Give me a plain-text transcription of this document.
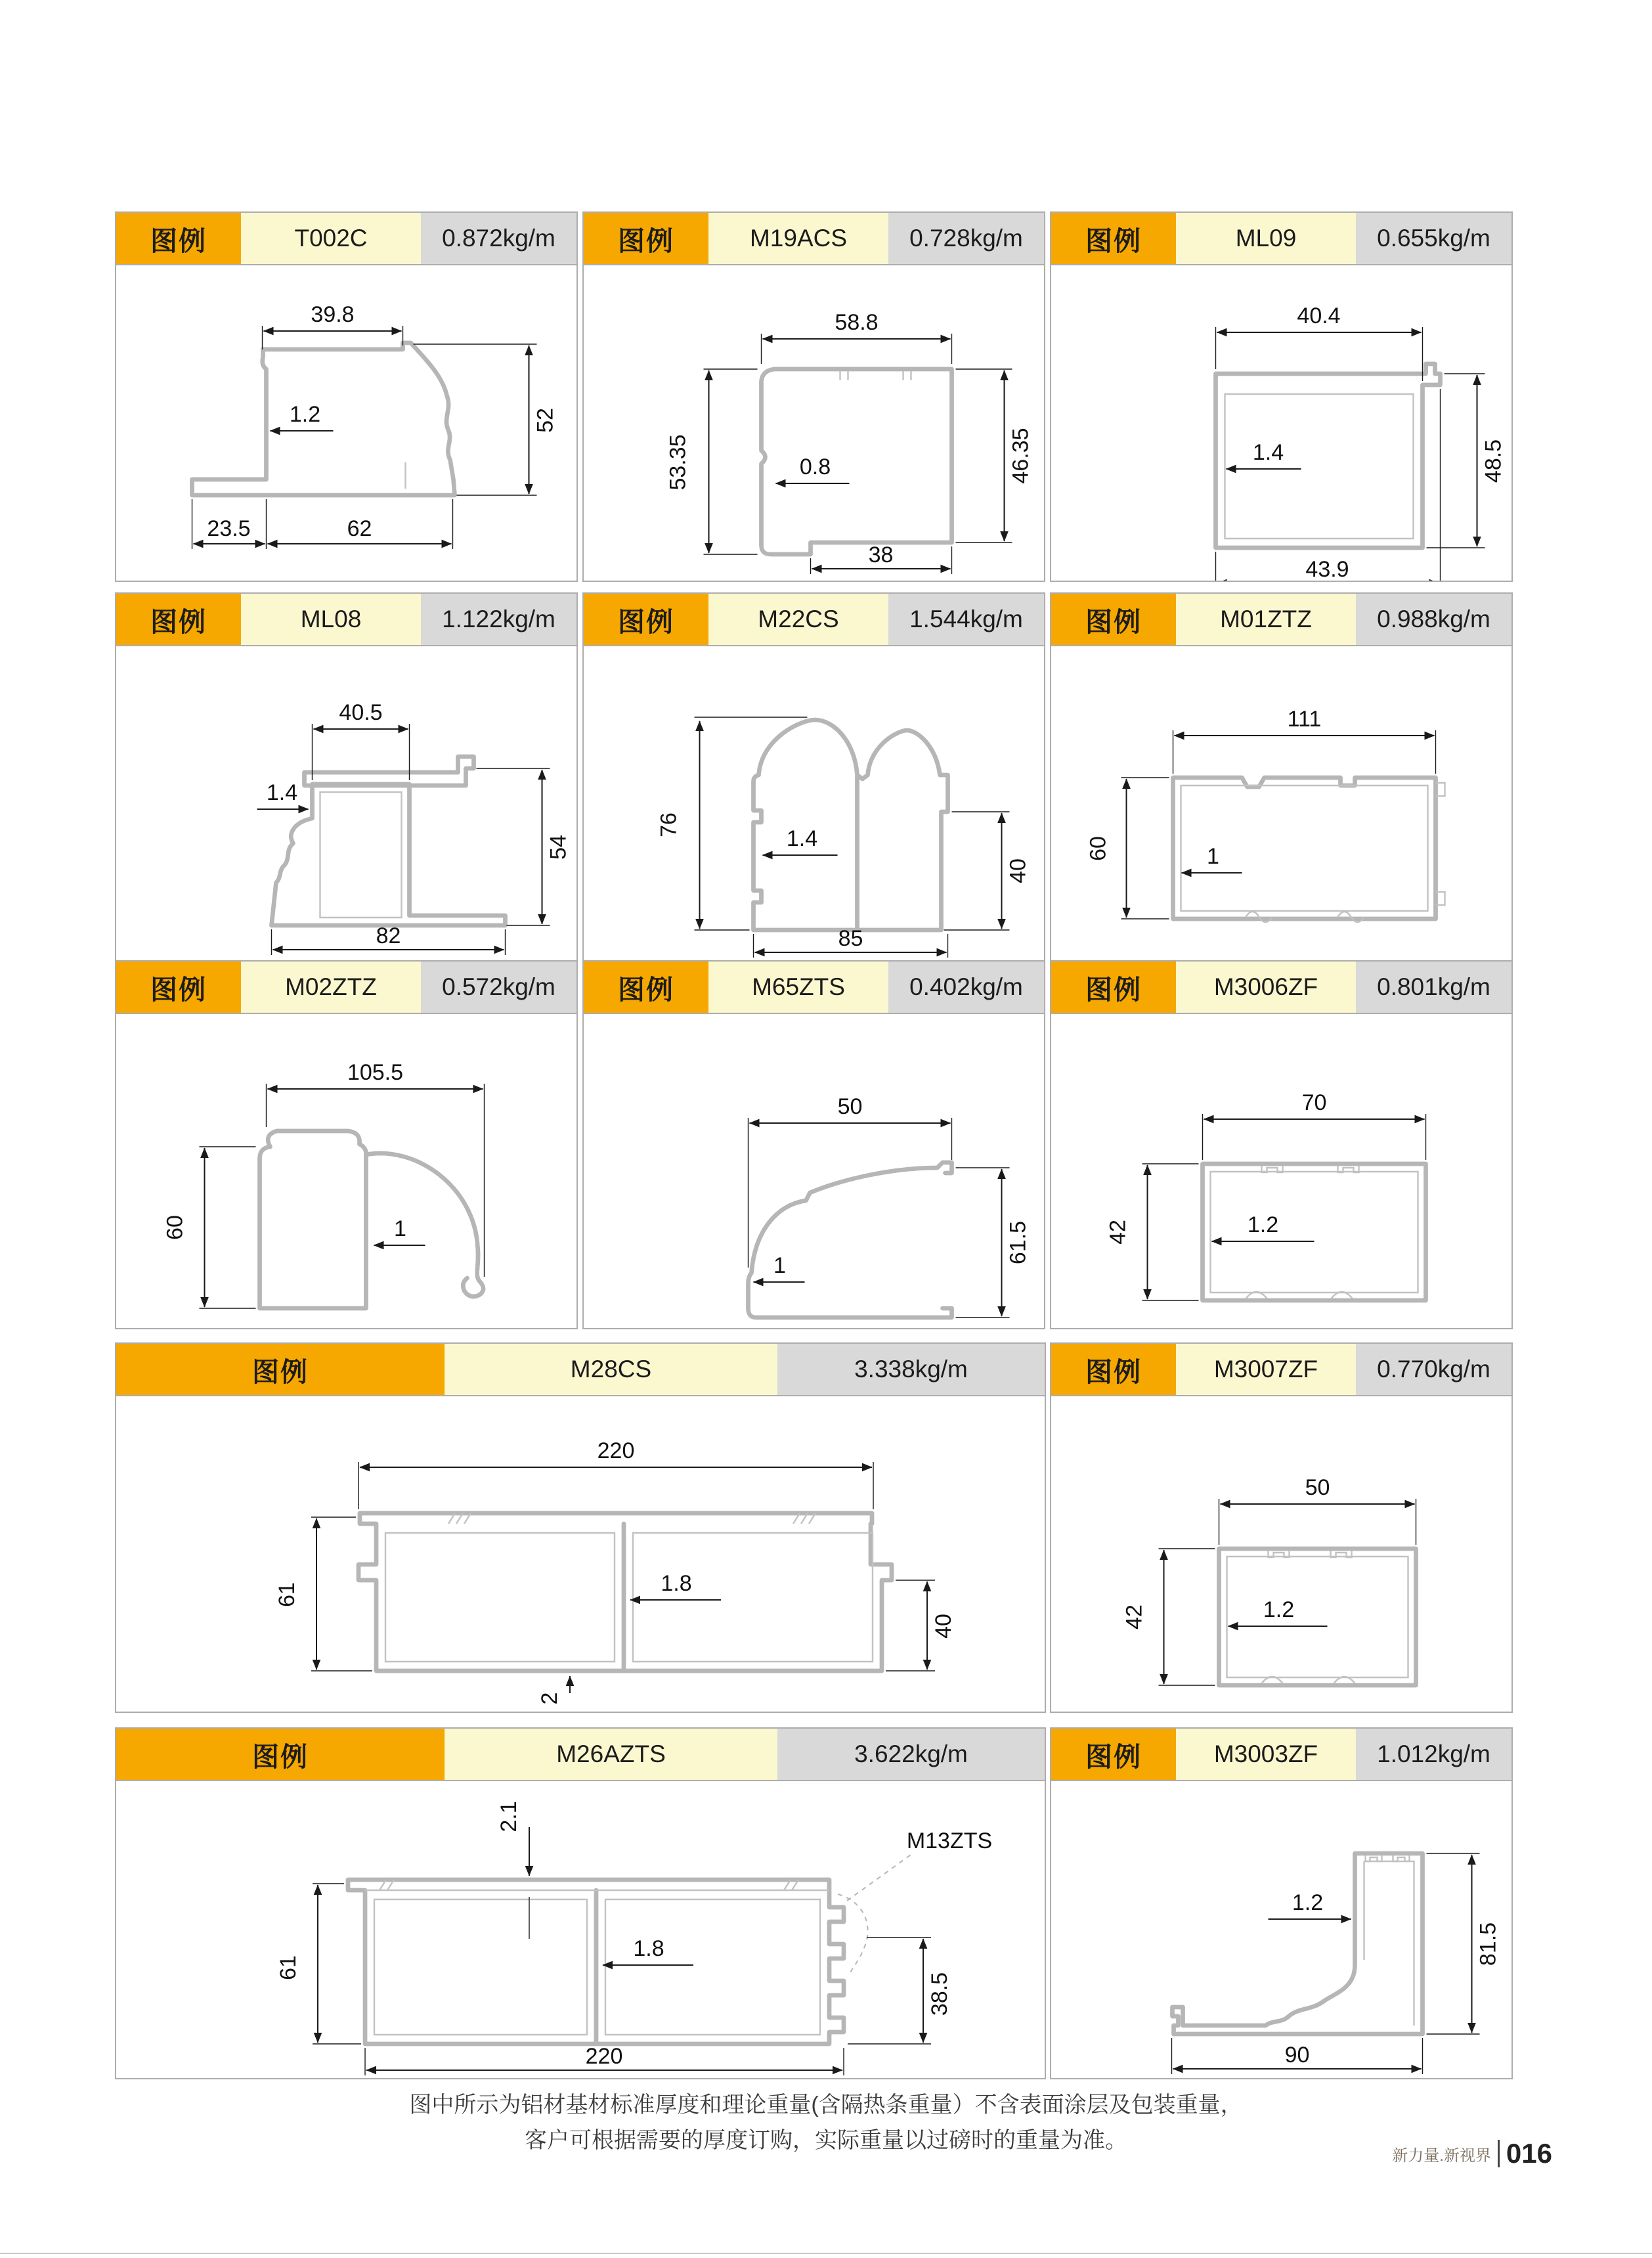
图例	T002C	0.872kg/m
39.8
52
1.2
23.5	62
图例	M19ACS	0.728kg/m
58.8
53.35	46.35
0.8
38
图例	ML09	0.655kg/m
40.4
1.4	48.5
43.9
图例	ML08	1.122kg/m
40.5
1.4
54
82
图例	M22CS	1.544kg/m
76
1.4
40
85
图例	M01ZTZ	0.988kg/m
111
60	1
图例	M02ZTZ	0.572kg/m
105.5
60	1
图例	M65ZTS	0.402kg/m
50
61.5
1
图例	M3006ZF	0.801kg/m
70
42	1.2
图例	M28CS	3.338kg/m
220
61	1.8
40
2
图例	M3007ZF	0.770kg/m
50
42	1.2
图例	M26AZTS	3.622kg/m
M13ZTS
2.1
61
1.8
38.5
220
图例	M3003ZF	1.012kg/m
1.2
81.5
90
图中所示为铝材基材标准厚度和理论重量(含隔热条重量）不含表面涂层及包装重量，
客户可根据需要的厚度订购，实际重量以过磅时的重量为准。
新力量.新视界 016
